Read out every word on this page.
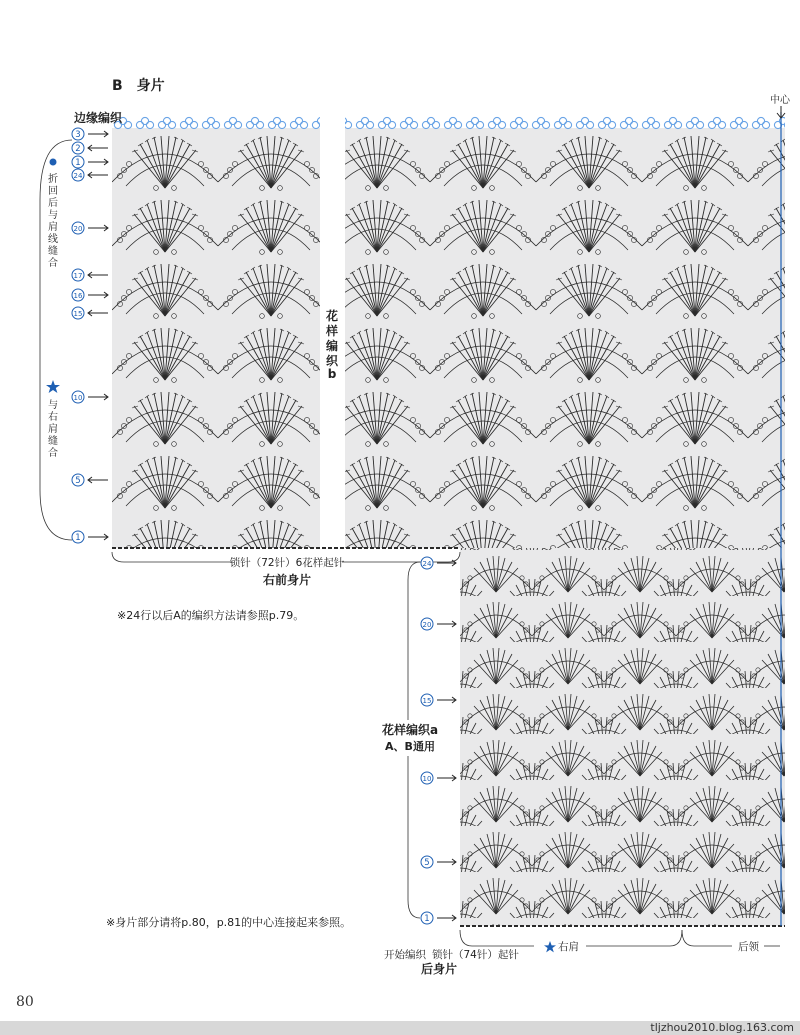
中心
B　身片
边缘编织
花
样
编
织
b
3
2
1
24
20
17
16
15
10
5
1
折
回
后
与
肩
线
缝
合
与
右
肩
缝
合
锁针（72针）6花样起针
右前身片
24
20
15
10
5
1
花样编织a
A、B通用
右肩	后领
开始编织 锁针（74针）起针
后身片
※24行以后A的编织方法请参照p.79。
※身片部分请将p.80，p.81的中心连接起来参照。
80
tljzhou2010.blog.163.com
